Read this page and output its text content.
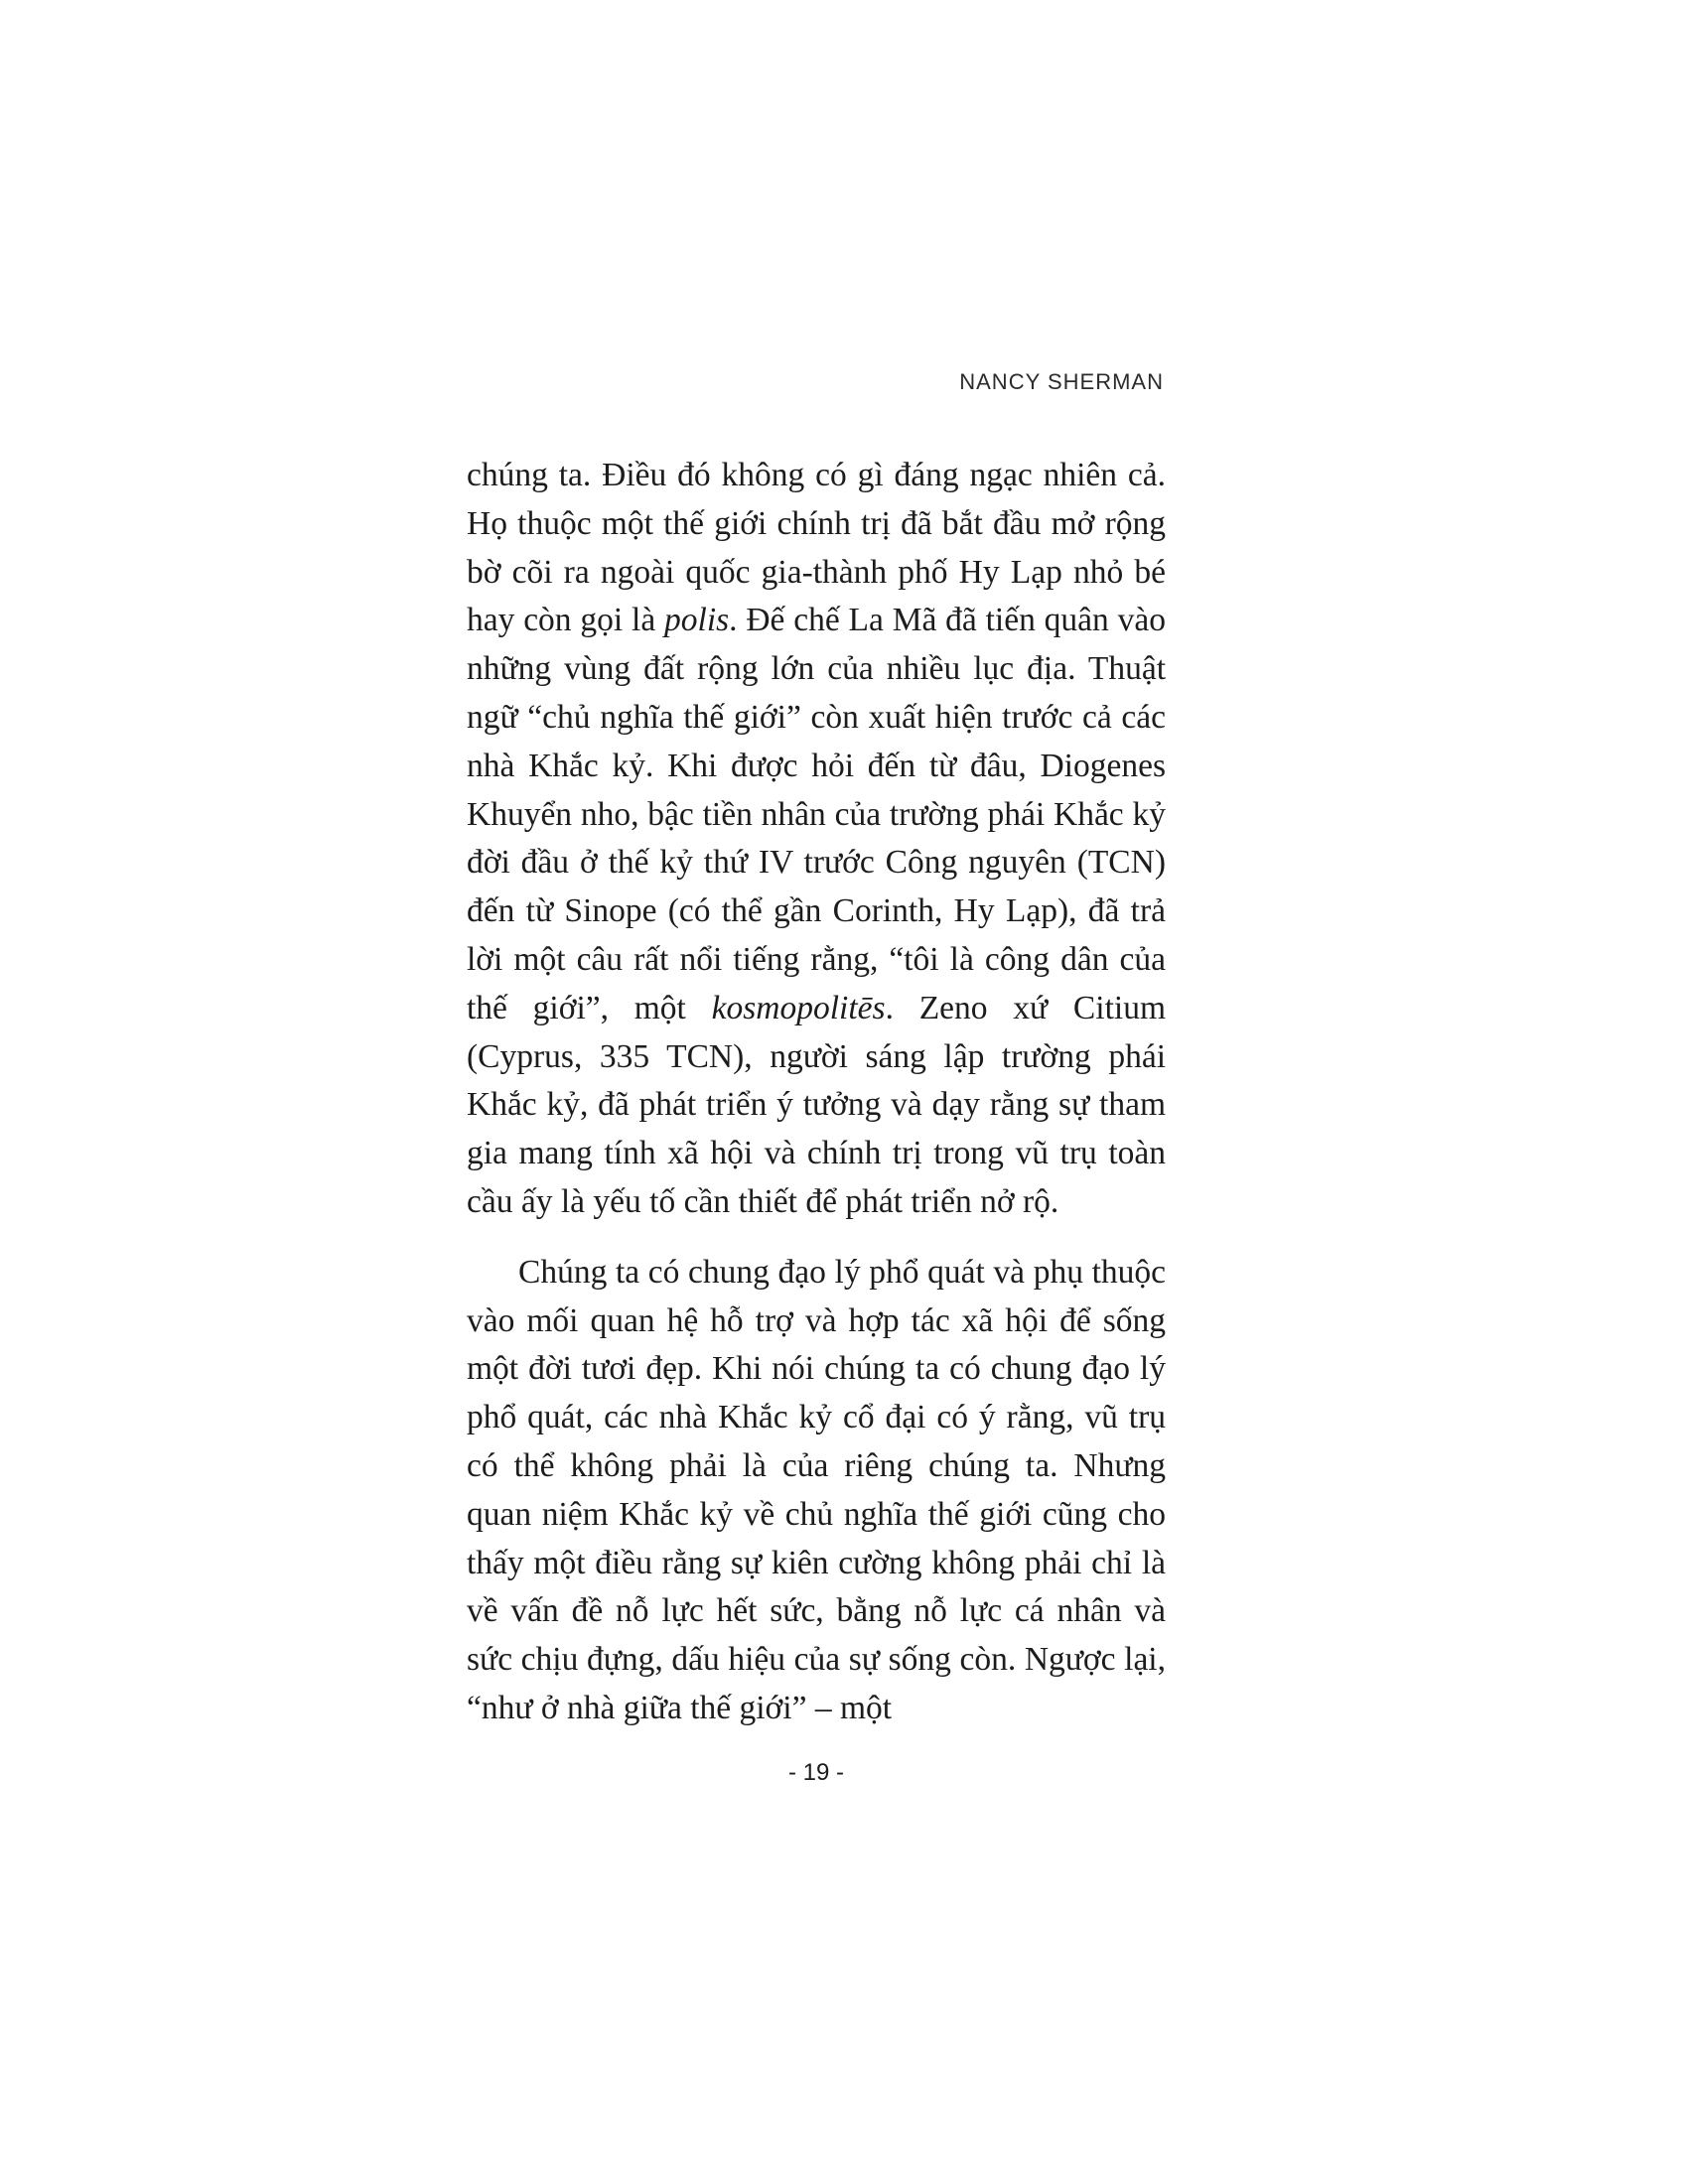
NANCY SHERMAN

chúng ta. Điều đó không có gì đáng ngạc nhiên cả. Họ thuộc một thế giới chính trị đã bắt đầu mở rộng bờ cõi ra ngoài quốc gia-thành phố Hy Lạp nhỏ bé hay còn gọi là polis. Đế chế La Mã đã tiến quân vào những vùng đất rộng lớn của nhiều lục địa. Thuật ngữ “chủ nghĩa thế giới” còn xuất hiện trước cả các nhà Khắc kỷ. Khi được hỏi đến từ đâu, Diogenes Khuyển nho, bậc tiền nhân của trường phái Khắc kỷ đời đầu ở thế kỷ thứ IV trước Công nguyên (TCN) đến từ Sinope (có thể gần Corinth, Hy Lạp), đã trả lời một câu rất nổi tiếng rằng, “tôi là công dân của thế giới”, một kosmopolitēs. Zeno xứ Citium (Cyprus, 335 TCN), người sáng lập trường phái Khắc kỷ, đã phát triển ý tưởng và dạy rằng sự tham gia mang tính xã hội và chính trị trong vũ trụ toàn cầu ấy là yếu tố cần thiết để phát triển nở rộ.

Chúng ta có chung đạo lý phổ quát và phụ thuộc vào mối quan hệ hỗ trợ và hợp tác xã hội để sống một đời tươi đẹp. Khi nói chúng ta có chung đạo lý phổ quát, các nhà Khắc kỷ cổ đại có ý rằng, vũ trụ có thể không phải là của riêng chúng ta. Nhưng quan niệm Khắc kỷ về chủ nghĩa thế giới cũng cho thấy một điều rằng sự kiên cường không phải chỉ là về vấn đề nỗ lực hết sức, bằng nỗ lực cá nhân và sức chịu đựng, dấu hiệu của sự sống còn. Ngược lại, “như ở nhà giữa thế giới” – một

- 19 -
